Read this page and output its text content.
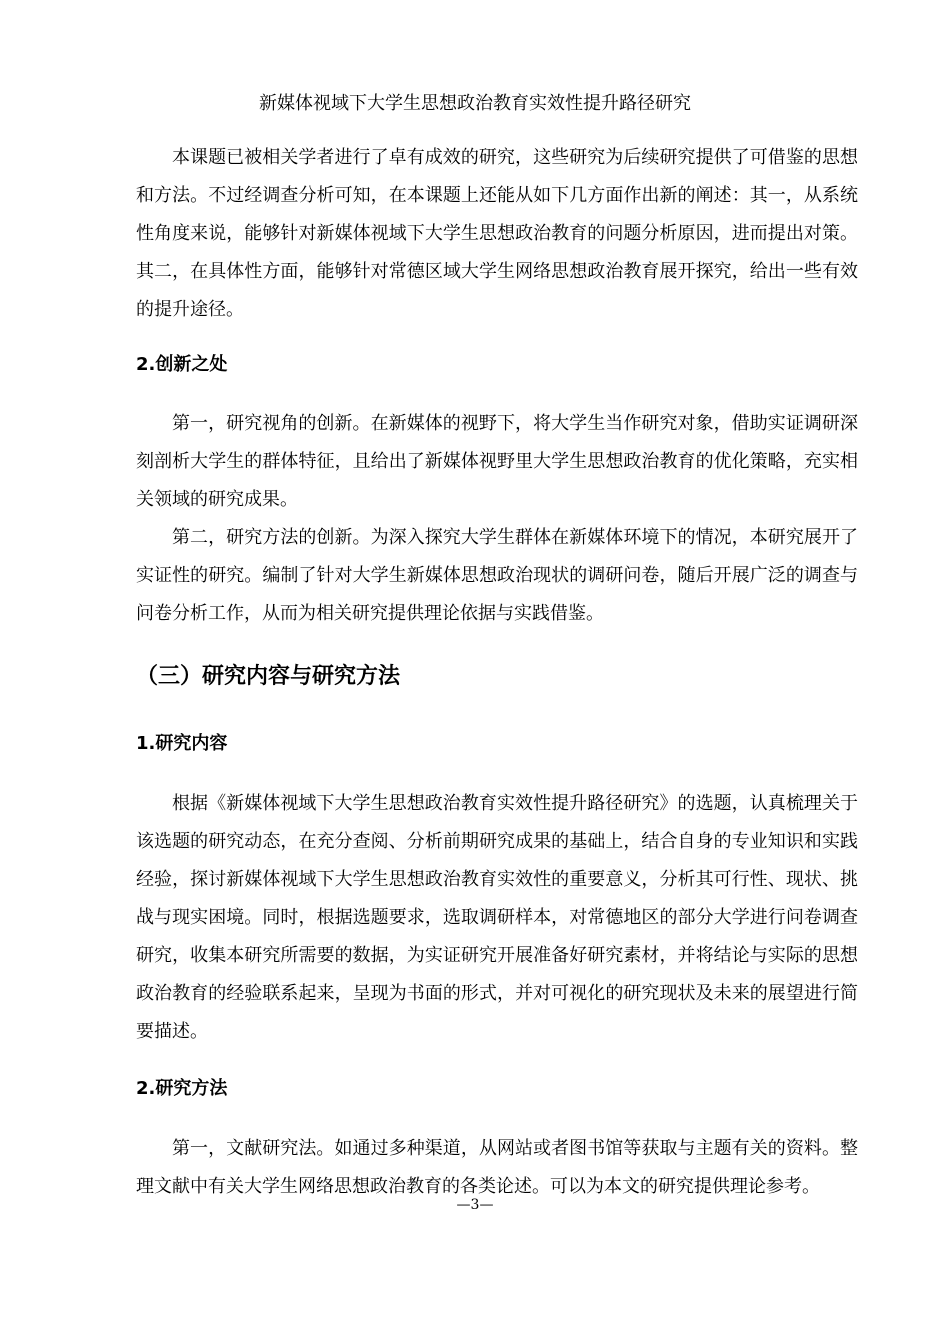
新媒体视域下大学生思想政治教育实效性提升路径研究

本课题已被相关学者进行了卓有成效的研究，这些研究为后续研究提供了可借鉴的思想和方法。不过经调查分析可知，在本课题上还能从如下几方面作出新的阐述：其一，从系统性角度来说，能够针对新媒体视域下大学生思想政治教育的问题分析原因，进而提出对策。其二，在具体性方面，能够针对常德区域大学生网络思想政治教育展开探究，给出一些有效的提升途径。

2.创新之处

第一，研究视角的创新。在新媒体的视野下，将大学生当作研究对象，借助实证调研深刻剖析大学生的群体特征，且给出了新媒体视野里大学生思想政治教育的优化策略，充实相关领域的研究成果。

第二，研究方法的创新。为深入探究大学生群体在新媒体环境下的情况，本研究展开了实证性的研究。编制了针对大学生新媒体思想政治现状的调研问卷，随后开展广泛的调查与问卷分析工作，从而为相关研究提供理论依据与实践借鉴。

（三）研究内容与研究方法
1.研究内容

根据《新媒体视域下大学生思想政治教育实效性提升路径研究》的选题，认真梳理关于该选题的研究动态，在充分查阅、分析前期研究成果的基础上，结合自身的专业知识和实践经验，探讨新媒体视域下大学生思想政治教育实效性的重要意义，分析其可行性、现状、挑战与现实困境。同时，根据选题要求，选取调研样本，对常德地区的部分大学进行问卷调查研究，收集本研究所需要的数据，为实证研究开展准备好研究素材，并将结论与实际的思想政治教育的经验联系起来，呈现为书面的形式，并对可视化的研究现状及未来的展望进行简要描述。

2.研究方法

第一，文献研究法。如通过多种渠道，从网站或者图书馆等获取与主题有关的资料。整理文献中有关大学生网络思想政治教育的各类论述。可以为本文的研究提供理论参考。

—3—
